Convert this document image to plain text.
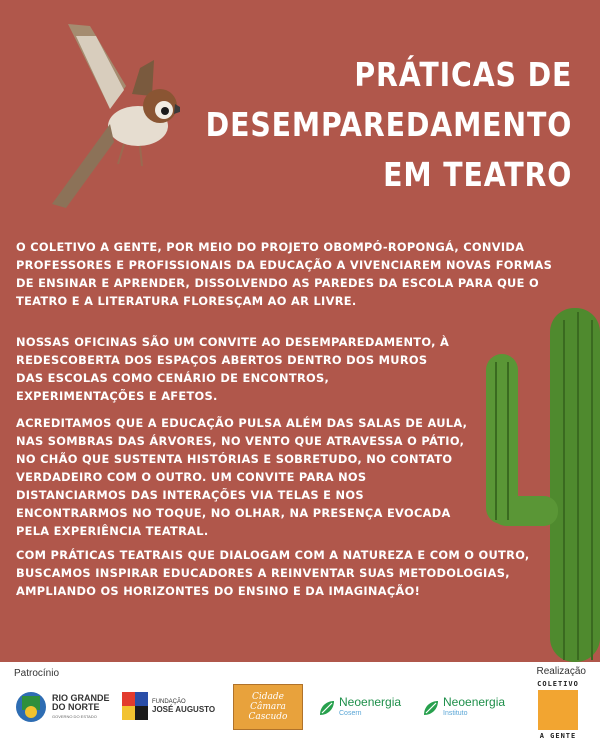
PRÁTICAS DE
DESEMPAREDAMENTO
EM TEATRO

O COLETIVO A GENTE, POR MEIO DO PROJETO OBOMPÓ-ROPONGÁ, CONVIDA PROFESSORES E PROFISSIONAIS DA EDUCAÇÃO A VIVENCIAREM NOVAS FORMAS DE ENSINAR E APRENDER, DISSOLVENDO AS PAREDES DA ESCOLA PARA QUE O TEATRO E A LITERATURA FLORESÇAM AO AR LIVRE.

NOSSAS OFICINAS SÃO UM CONVITE AO DESEMPAREDAMENTO, À REDESCOBERTA DOS ESPAÇOS ABERTOS DENTRO DOS MUROS DAS ESCOLAS COMO CENÁRIO DE ENCONTROS, EXPERIMENTAÇÕES E AFETOS.

ACREDITAMOS QUE A EDUCAÇÃO PULSA ALÉM DAS SALAS DE AULA, NAS SOMBRAS DAS ÁRVORES, NO VENTO QUE ATRAVESSA O PÁTIO, NO CHÃO QUE SUSTENTA HISTÓRIAS E SOBRETUDO, NO CONTATO VERDADEIRO COM O OUTRO. UM CONVITE PARA NOS DISTANCIARMOS DAS INTERAÇÕES VIA TELAS E NOS ENCONTRARMOS NO TOQUE, NO OLHAR, NA PRESENÇA EVOCADA PELA EXPERIÊNCIA TEATRAL.

COM PRÁTICAS TEATRAIS QUE DIALOGAM COM A NATUREZA E COM O OUTRO, BUSCAMOS INSPIRAR EDUCADORES A REINVENTAR SUAS METODOLOGIAS, AMPLIANDO OS HORIZONTES DO ENSINO E DA IMAGINAÇÃO!

Patrocínio	Realização
RIO GRANDE
DO NORTE
GOVERNO DO ESTADO
FUNDAÇÃO
JOSÉ AUGUSTO
Cidade
Câmara
Cascudo
Neoenergia
Cosern
Neoenergia
Instituto
COLETIVO
A GENTE
